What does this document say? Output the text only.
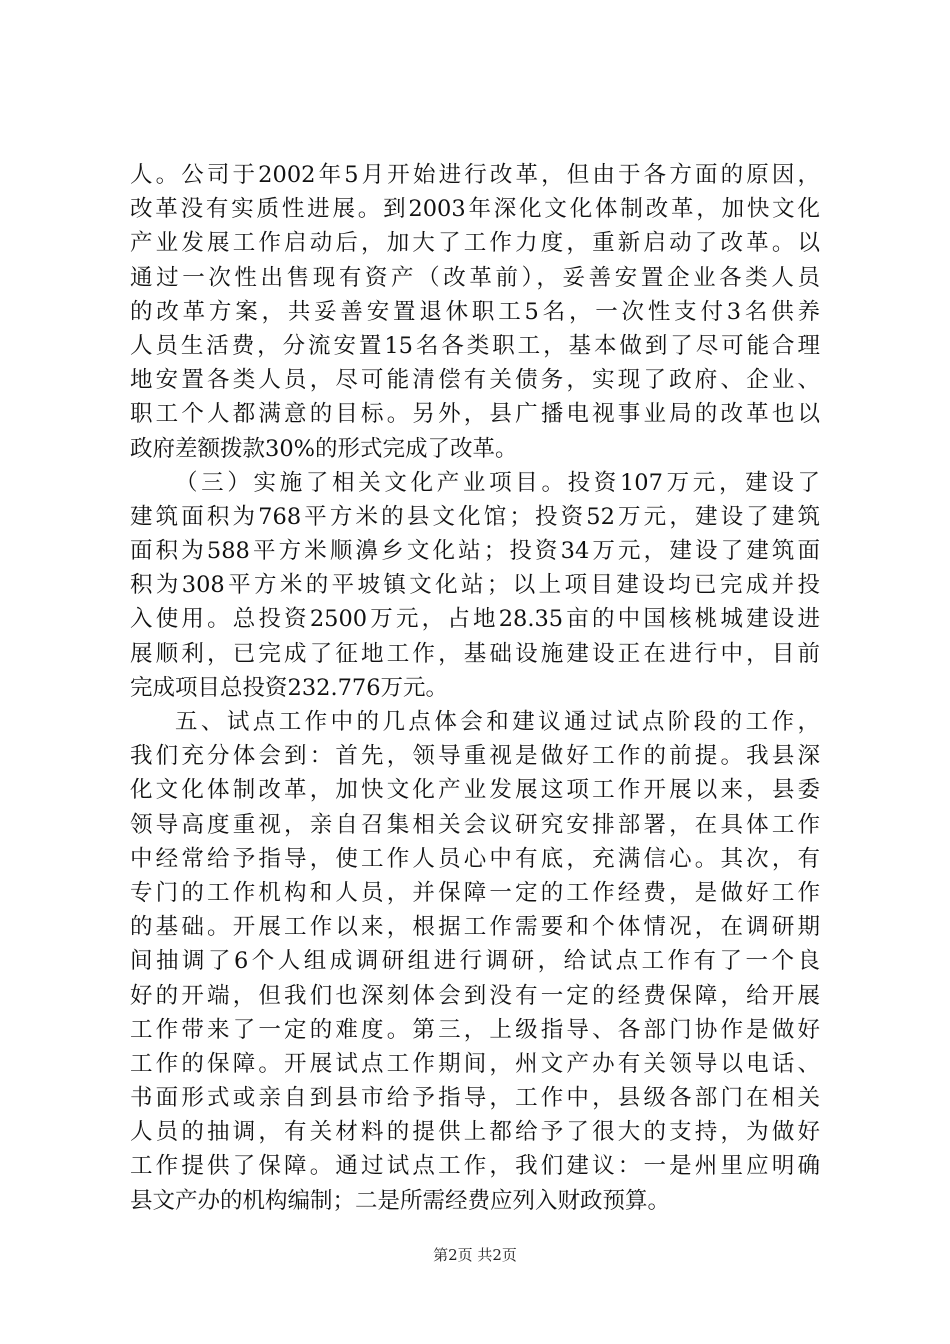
人。公司于2002年5月开始进行改革，但由于各方面的原因，
改革没有实质性进展。到2003年深化文化体制改革，加快文化
产业发展工作启动后，加大了工作力度，重新启动了改革。以
通过一次性出售现有资产（改革前），妥善安置企业各类人员
的改革方案，共妥善安置退休职工5名，一次性支付3名供养
人员生活费，分流安置15名各类职工，基本做到了尽可能合理
地安置各类人员，尽可能清偿有关债务，实现了政府、企业、
职工个人都满意的目标。另外，县广播电视事业局的改革也以
政府差额拨款30%的形式完成了改革。
（三）实施了相关文化产业项目。投资107万元，建设了
建筑面积为768平方米的县文化馆；投资52万元，建设了建筑
面积为588平方米顺濞乡文化站；投资34万元，建设了建筑面
积为308平方米的平坡镇文化站；以上项目建设均已完成并投
入使用。总投资2500万元，占地28.35亩的中国核桃城建设进
展顺利，已完成了征地工作，基础设施建设正在进行中，目前
完成项目总投资232.776万元。
五、试点工作中的几点体会和建议通过试点阶段的工作，
我们充分体会到：首先，领导重视是做好工作的前提。我县深
化文化体制改革，加快文化产业发展这项工作开展以来，县委
领导高度重视，亲自召集相关会议研究安排部署，在具体工作
中经常给予指导，使工作人员心中有底，充满信心。其次，有
专门的工作机构和人员，并保障一定的工作经费，是做好工作
的基础。开展工作以来，根据工作需要和个体情况，在调研期
间抽调了6个人组成调研组进行调研，给试点工作有了一个良
好的开端，但我们也深刻体会到没有一定的经费保障，给开展
工作带来了一定的难度。第三，上级指导、各部门协作是做好
工作的保障。开展试点工作期间，州文产办有关领导以电话、
书面形式或亲自到县市给予指导，工作中，县级各部门在相关
人员的抽调，有关材料的提供上都给予了很大的支持，为做好
工作提供了保障。通过试点工作，我们建议：一是州里应明确
县文产办的机构编制；二是所需经费应列入财政预算。
第2页 共2页
